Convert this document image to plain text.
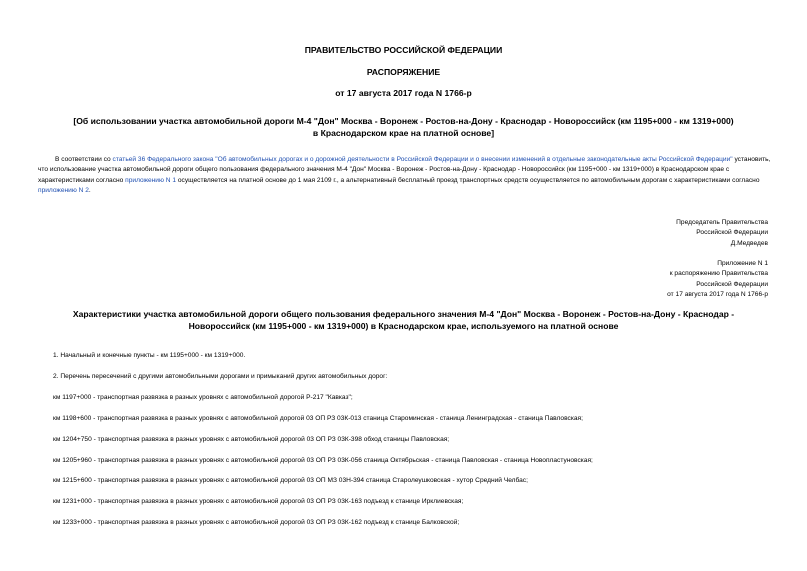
ПРАВИТЕЛЬСТВО РОССИЙСКОЙ ФЕДЕРАЦИИ
РАСПОРЯЖЕНИЕ
от 17 августа 2017 года N 1766-р
[Об использовании участка автомобильной дороги М-4 "Дон" Москва - Воронеж - Ростов-на-Дону - Краснодар - Новороссийск (км 1195+000 - км 1319+000) в Краснодарском крае на платной основе]
В соответствии со статьей 36 Федерального закона "Об автомобильных дорогах и о дорожной деятельности в Российской Федерации и о внесении изменений в отдельные законодательные акты Российской Федерации" установить, что использование участка автомобильной дороги общего пользования федерального значения М-4 "Дон" Москва - Воронеж - Ростов-на-Дону - Краснодар - Новороссийск (км 1195+000 - км 1319+000) в Краснодарском крае с характеристиками согласно приложению N 1 осуществляется на платной основе до 1 мая 2109 г., а альтернативный бесплатный проезд транспортных средств осуществляется по автомобильным дорогам с характеристиками согласно приложению N 2.
Председатель Правительства
Российской Федерации
Д.Медведев
Приложение N 1
к распоряжению Правительства
Российской Федерации
от 17 августа 2017 года N 1766-р
Характеристики участка автомобильной дороги общего пользования федерального значения М-4 "Дон" Москва - Воронеж - Ростов-на-Дону - Краснодар - Новороссийск (км 1195+000 - км 1319+000) в Краснодарском крае, используемого на платной основе
1. Начальный и конечные пункты - км 1195+000 - км 1319+000.
2. Перечень пересечений с другими автомобильными дорогами и примыканий других автомобильных дорог:
км 1197+000 - транспортная развязка в разных уровнях с автомобильной дорогой Р-217 "Кавказ";
км 1198+600 - транспортная развязка в разных уровнях с автомобильной дорогой 03 ОП РЗ 03К-013 станица Староминская - станица Ленинградская - станица Павловская;
км 1204+750 - транспортная развязка в разных уровнях с автомобильной дорогой 03 ОП РЗ 03К-398 обход станицы Павловская;
км 1205+960 - транспортная развязка в разных уровнях с автомобильной дорогой 03 ОП РЗ 03К-056 станица Октябрьская - станица Павловская - станица Новопластуновская;
км 1215+600 - транспортная развязка в разных уровнях с автомобильной дорогой 03 ОП МЗ 03Н-394 станица Старолеушковская - хутор Средний Челбас;
км 1231+000 - транспортная развязка в разных уровнях с автомобильной дорогой 03 ОП РЗ 03К-163 подъезд к станице Ирклиевская;
км 1233+000 - транспортная развязка в разных уровнях с автомобильной дорогой 03 ОП РЗ 03К-162 подъезд к станице Балковской;
